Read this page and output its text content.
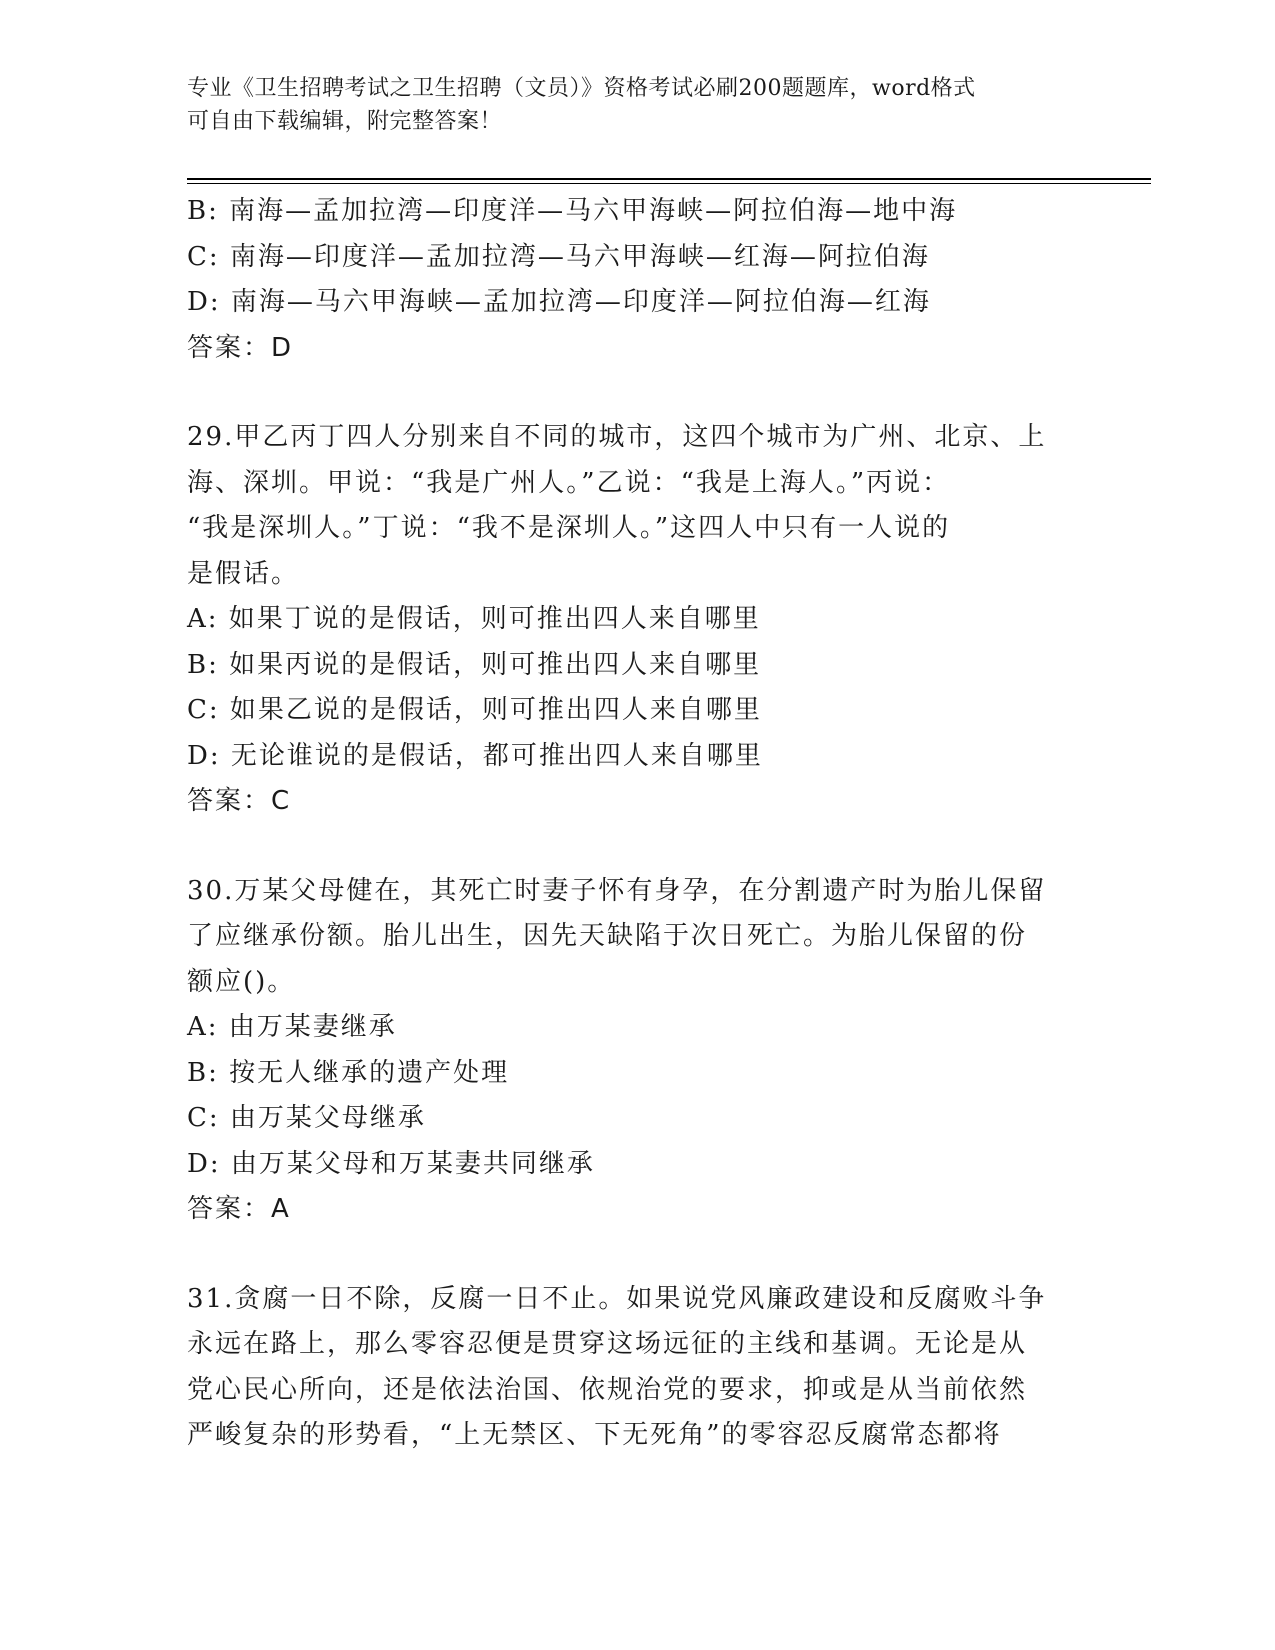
专业《卫生招聘考试之卫生招聘（文员）》资格考试必刷200题题库，word格式
可自由下载编辑，附完整答案！

B: 南海—孟加拉湾—印度洋—马六甲海峡—阿拉伯海—地中海

C: 南海—印度洋—孟加拉湾—马六甲海峡—红海—阿拉伯海

D: 南海—马六甲海峡—孟加拉湾—印度洋—阿拉伯海—红海

答案：D

29.甲乙丙丁四人分别来自不同的城市，这四个城市为广州、北京、上

海、深圳。甲说：“我是广州人。”乙说：“我是上海人。”丙说：

“我是深圳人。”丁说：“我不是深圳人。”这四人中只有一人说的

是假话。

A: 如果丁说的是假话，则可推出四人来自哪里

B: 如果丙说的是假话，则可推出四人来自哪里

C: 如果乙说的是假话，则可推出四人来自哪里

D: 无论谁说的是假话，都可推出四人来自哪里

答案：C

30.万某父母健在，其死亡时妻子怀有身孕，在分割遗产时为胎儿保留

了应继承份额。胎儿出生，因先天缺陷于次日死亡。为胎儿保留的份

额应()。

A: 由万某妻继承

B: 按无人继承的遗产处理

C: 由万某父母继承

D: 由万某父母和万某妻共同继承

答案：A

31.贪腐一日不除，反腐一日不止。如果说党风廉政建设和反腐败斗争

永远在路上，那么零容忍便是贯穿这场远征的主线和基调。无论是从

党心民心所向，还是依法治国、依规治党的要求，抑或是从当前依然

严峻复杂的形势看，“上无禁区、下无死角”的零容忍反腐常态都将
